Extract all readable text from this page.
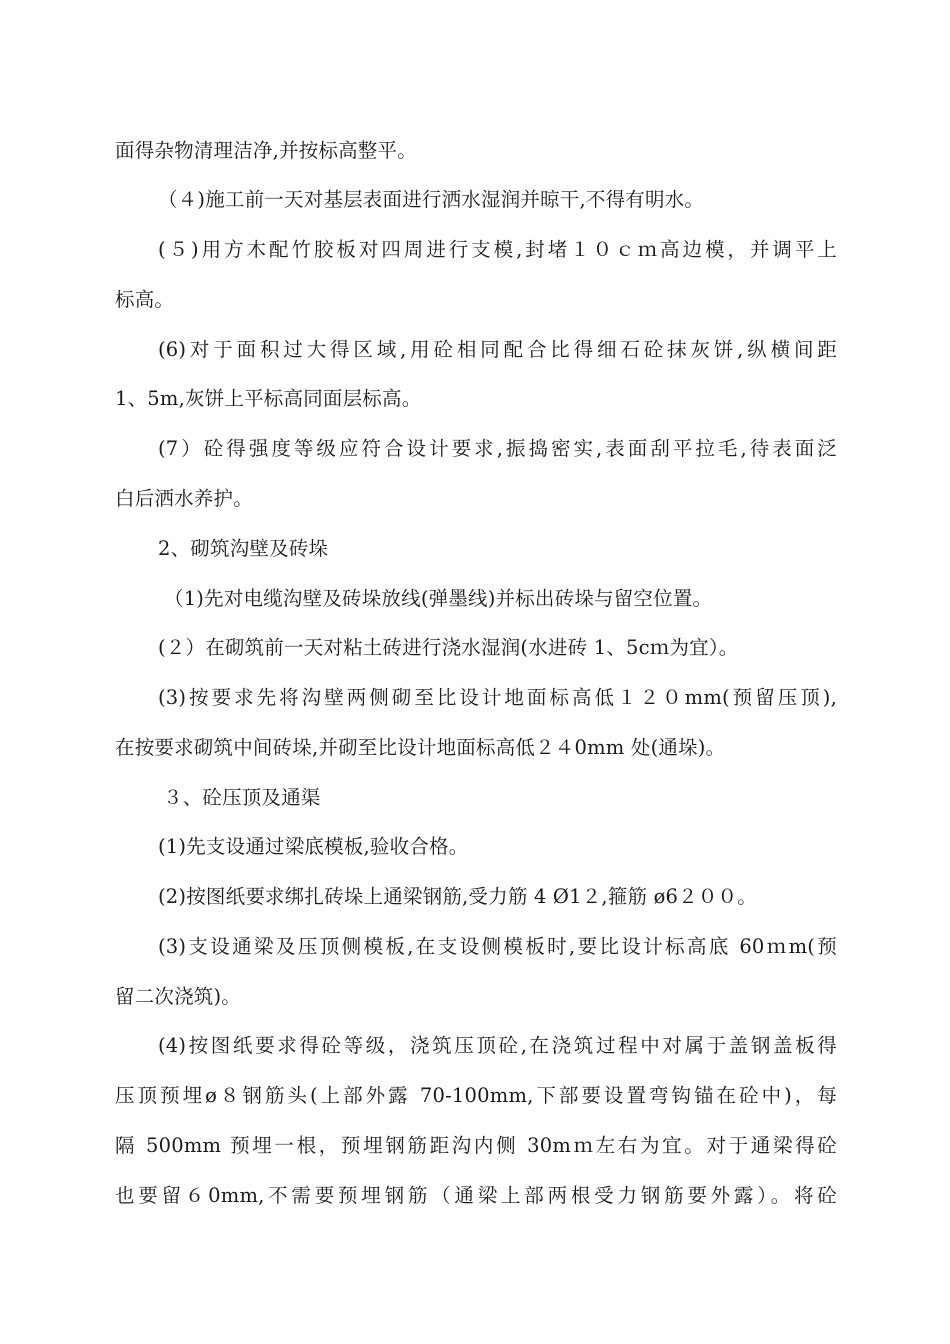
面得杂物清理洁净,并按标高整平。
（４)施工前一天对基层表面进行洒水湿润并晾干,不得有明水。
(５)用方木配竹胶板对四周进行支模,封堵１０ｃｍ高边模，并调平上
标高。
(6)对于面积过大得区域,用砼相同配合比得细石砼抹灰饼,纵横间距
1、5m,灰饼上平标高同面层标高。
(7）砼得强度等级应符合设计要求,振捣密实,表面刮平拉毛,待表面泛
白后洒水养护。
2、砌筑沟壁及砖垛
（1)先对电缆沟壁及砖垛放线(弹墨线)并标出砖垛与留空位置。
(２）在砌筑前一天对粘土砖进行浇水湿润(水进砖 1、5cｍ为宜）。
(3)按要求先将沟壁两侧砌至比设计地面标高低１２０mm(预留压顶),
在按要求砌筑中间砖垛,并砌至比设计地面标高低２４0mm 处(通垛)。
３、砼压顶及通渠
(1)先支设通过梁底模板,验收合格。
(2)按图纸要求绑扎砖垛上通梁钢筋,受力筋 4 Ø1２,箍筋 ø6２００。
(3)支设通梁及压顶侧模板,在支设侧模板时,要比设计标高底 60ｍm(预
留二次浇筑)。
(4)按图纸要求得砼等级，浇筑压顶砼,在浇筑过程中对属于盖钢盖板得
压顶预埋ø８钢筋头(上部外露 70-100mm,下部要设置弯钩锚在砼中)，每
隔 500mm 预埋一根，预埋钢筋距沟内侧 30mｍ左右为宜。对于通梁得砼
也要留６0mm,不需要预埋钢筋（通梁上部两根受力钢筋要外露）。将砼
